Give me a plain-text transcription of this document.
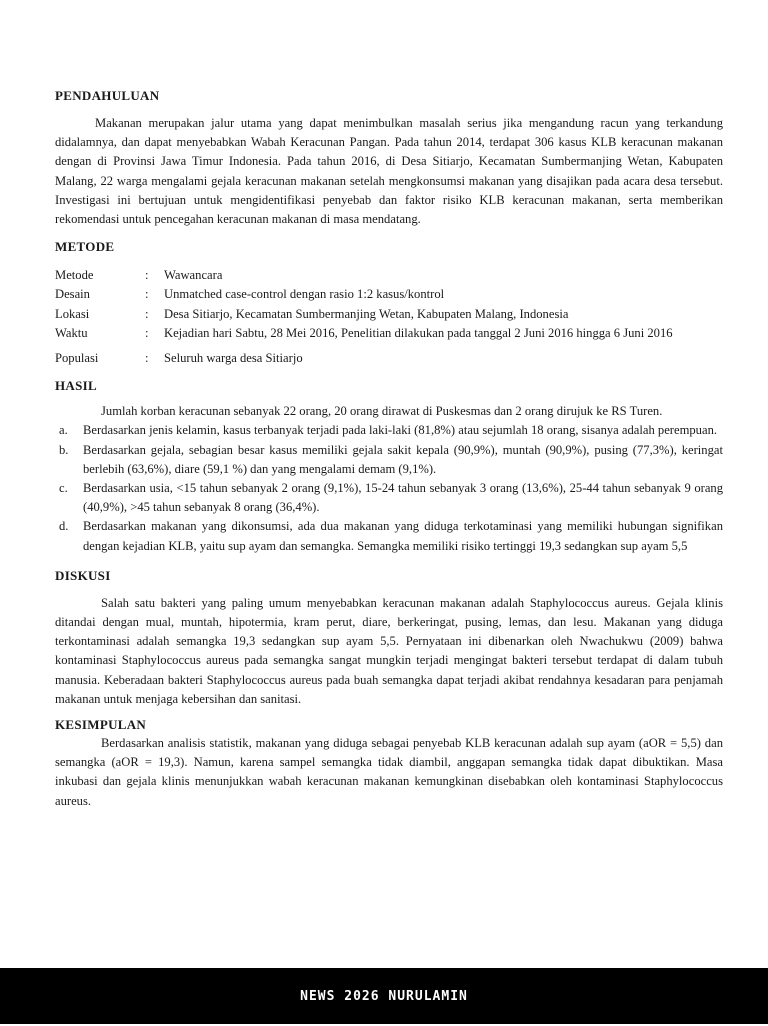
PENDAHULUAN

Makanan merupakan jalur utama yang dapat menimbulkan masalah serius jika mengandung racun yang terkandung didalamnya, dan dapat menyebabkan Wabah Keracunan Pangan. Pada tahun 2014, terdapat 306 kasus KLB keracunan makanan dengan di Provinsi Jawa Timur Indonesia. Pada tahun 2016, di Desa Sitiarjo, Kecamatan Sumbermanjing Wetan, Kabupaten Malang, 22 warga mengalami gejala keracunan makanan setelah mengkonsumsi makanan yang disajikan pada acara desa tersebut. Investigasi ini bertujuan untuk mengidentifikasi penyebab dan faktor risiko KLB keracunan makanan, serta memberikan rekomendasi untuk pencegahan keracunan makanan di masa mendatang.

METODE
Metode	:	Wawancara
Desain	:	Unmatched case-control dengan rasio 1:2 kasus/kontrol
Lokasi	:	Desa Sitiarjo, Kecamatan Sumbermanjing Wetan, Kabupaten Malang, Indonesia
Waktu	:	Kejadian hari Sabtu, 28 Mei 2016, Penelitian dilakukan pada tanggal 2 Juni 2016 hingga 6 Juni 2016
Populasi	:	Seluruh warga desa Sitiarjo
HASIL

Jumlah korban keracunan sebanyak 22 orang, 20 orang dirawat di Puskesmas dan 2 orang dirujuk ke RS Turen.

a. Berdasarkan jenis kelamin, kasus terbanyak terjadi pada laki-laki (81,8%) atau sejumlah 18 orang, sisanya adalah perempuan.
b. Berdasarkan gejala, sebagian besar kasus memiliki gejala sakit kepala (90,9%), muntah (90,9%), pusing (77,3%), keringat berlebih (63,6%), diare (59,1 %) dan yang mengalami demam (9,1%).
c. Berdasarkan usia, <15 tahun sebanyak 2 orang (9,1%), 15-24 tahun sebanyak 3 orang (13,6%), 25-44 tahun sebanyak 9 orang (40,9%), >45 tahun sebanyak 8 orang (36,4%).
d. Berdasarkan makanan yang dikonsumsi, ada dua makanan yang diduga terkotaminasi yang memiliki hubungan signifikan dengan kejadian KLB, yaitu sup ayam dan semangka. Semangka memiliki risiko tertinggi 19,3 sedangkan sup ayam 5,5
DISKUSI

Salah satu bakteri yang paling umum menyebabkan keracunan makanan adalah Staphylococcus aureus. Gejala klinis ditandai dengan mual, muntah, hipotermia, kram perut, diare, berkeringat, pusing, lemas, dan lesu. Makanan yang diduga terkontaminasi adalah semangka 19,3 sedangkan sup ayam 5,5. Pernyataan ini dibenarkan oleh Nwachukwu (2009) bahwa kontaminasi Staphylococcus aureus pada semangka sangat mungkin terjadi mengingat bakteri tersebut terdapat di dalam tubuh manusia. Keberadaan bakteri Staphylococcus aureus pada buah semangka dapat terjadi akibat rendahnya kesadaran para penjamah makanan untuk menjaga kebersihan dan sanitasi.

KESIMPULAN

Berdasarkan analisis statistik, makanan yang diduga sebagai penyebab KLB keracunan adalah sup ayam (aOR = 5,5) dan semangka (aOR = 19,3). Namun, karena sampel semangka tidak diambil, anggapan semangka tidak dapat dibuktikan. Masa inkubasi dan gejala klinis menunjukkan wabah keracunan makanan kemungkinan disebabkan oleh kontaminasi Staphylococcus aureus.

NEWS 2026 NURULAMIN
